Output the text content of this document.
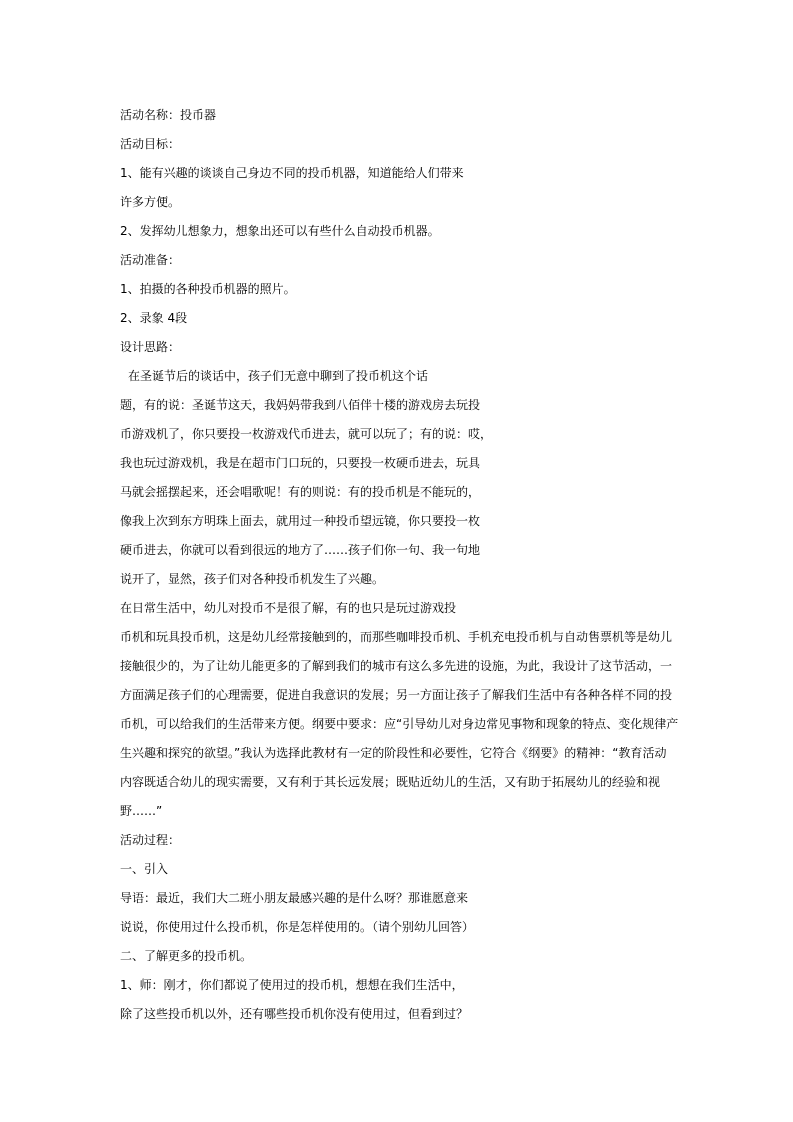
活动名称：投币器
活动目标：
1、能有兴趣的谈谈自己身边不同的投币机器，知道能给人们带来
许多方便。
2、发挥幼儿想象力，想象出还可以有些什么自动投币机器。
活动准备：
1、拍摄的各种投币机器的照片。
2、录象 4段
设计思路：
在圣诞节后的谈话中，孩子们无意中聊到了投币机这个话
题，有的说：圣诞节这天，我妈妈带我到八佰伴十楼的游戏房去玩投
币游戏机了，你只要投一枚游戏代币进去，就可以玩了；有的说：哎，
我也玩过游戏机，我是在超市门口玩的，只要投一枚硬币进去，玩具
马就会摇摆起来，还会唱歌呢！有的则说：有的投币机是不能玩的，
像我上次到东方明珠上面去，就用过一种投币望远镜，你只要投一枚
硬币进去，你就可以看到很远的地方了……孩子们你一句、我一句地
说开了，显然，孩子们对各种投币机发生了兴趣。
在日常生活中，幼儿对投币不是很了解，有的也只是玩过游戏投
币机和玩具投币机，这是幼儿经常接触到的，而那些咖啡投币机、手机充电投币机与自动售票机等是幼儿
接触很少的，为了让幼儿能更多的了解到我们的城市有这么多先进的设施，为此，我设计了这节活动，一
方面满足孩子们的心理需要，促进自我意识的发展；另一方面让孩子了解我们生活中有各种各样不同的投
币机，可以给我们的生活带来方便。纲要中要求：应“引导幼儿对身边常见事物和现象的特点、变化规律产
生兴趣和探究的欲望。”我认为选择此教材有一定的阶段性和必要性，它符合《纲要》的精神：“教育活动
内容既适合幼儿的现实需要，又有利于其长远发展；既贴近幼儿的生活，又有助于拓展幼儿的经验和视
野……”
活动过程：
一、引入
导语：最近，我们大二班小朋友最感兴趣的是什么呀？那谁愿意来
说说，你使用过什么投币机，你是怎样使用的。（请个别幼儿回答）
二、了解更多的投币机。
1、师：刚才，你们都说了使用过的投币机，想想在我们生活中，
除了这些投币机以外，还有哪些投币机你没有使用过，但看到过？
